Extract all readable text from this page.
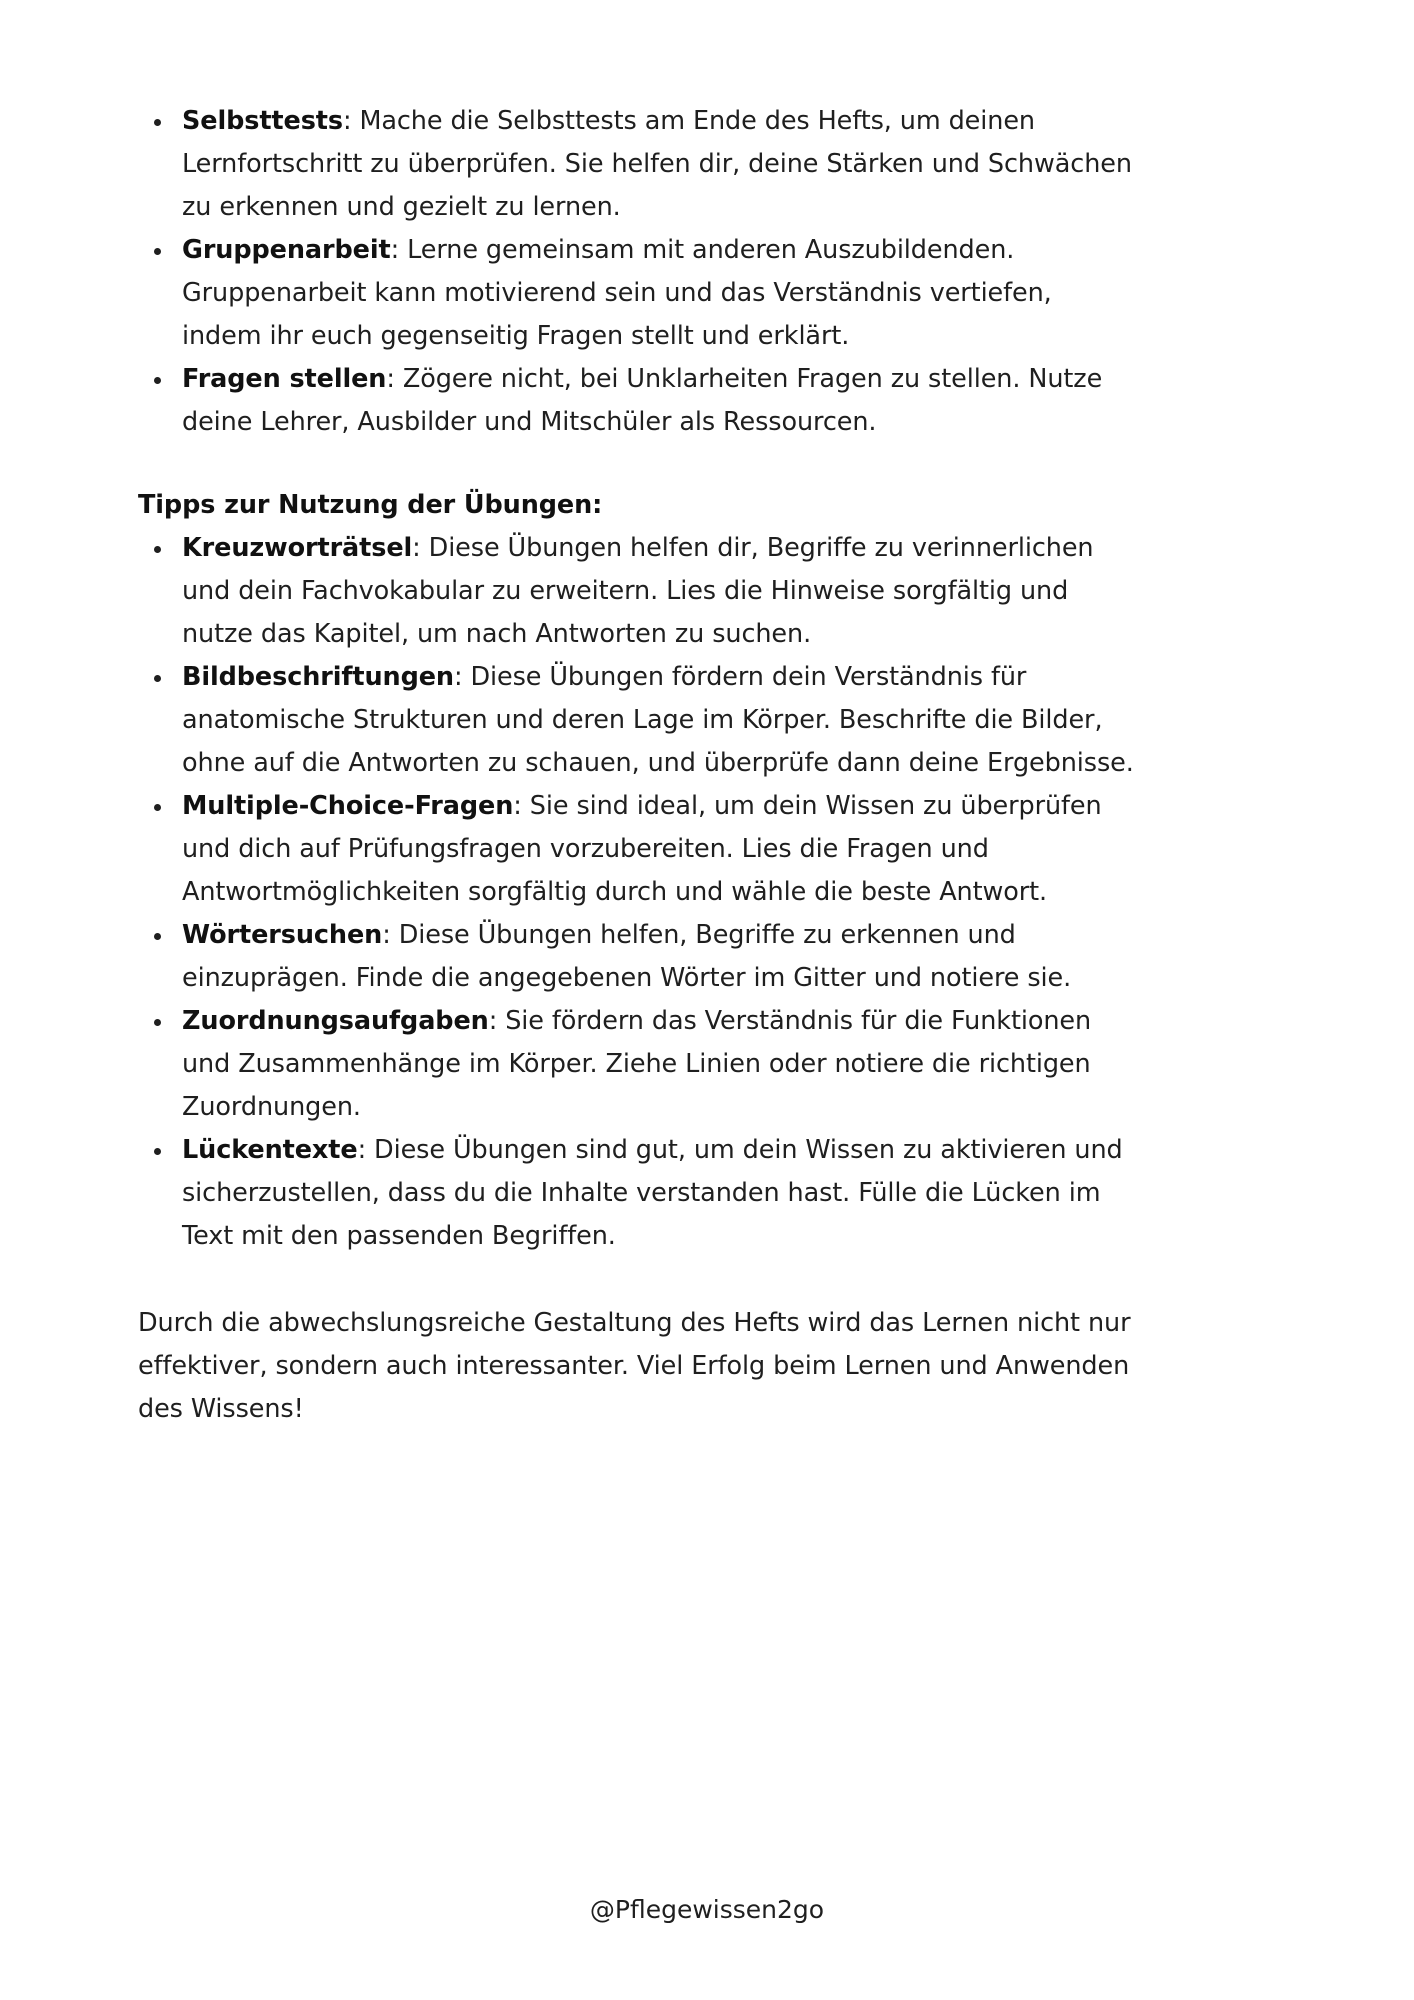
Selbsttests: Mache die Selbsttests am Ende des Hefts, um deinen Lernfortschritt zu überprüfen. Sie helfen dir, deine Stärken und Schwächen zu erkennen und gezielt zu lernen.
Gruppenarbeit: Lerne gemeinsam mit anderen Auszubildenden. Gruppenarbeit kann motivierend sein und das Verständnis vertiefen, indem ihr euch gegenseitig Fragen stellt und erklärt.
Fragen stellen: Zögere nicht, bei Unklarheiten Fragen zu stellen. Nutze deine Lehrer, Ausbilder und Mitschüler als Ressourcen.

Tipps zur Nutzung der Übungen:

Kreuzworträtsel: Diese Übungen helfen dir, Begriffe zu verinnerlichen und dein Fachvokabular zu erweitern. Lies die Hinweise sorgfältig und nutze das Kapitel, um nach Antworten zu suchen.
Bildbeschriftungen: Diese Übungen fördern dein Verständnis für anatomische Strukturen und deren Lage im Körper. Beschrifte die Bilder, ohne auf die Antworten zu schauen, und überprüfe dann deine Ergebnisse.
Multiple-Choice-Fragen: Sie sind ideal, um dein Wissen zu überprüfen und dich auf Prüfungsfragen vorzubereiten. Lies die Fragen und Antwortmöglichkeiten sorgfältig durch und wähle die beste Antwort.
Wörtersuchen: Diese Übungen helfen, Begriffe zu erkennen und einzuprägen. Finde die angegebenen Wörter im Gitter und notiere sie.
Zuordnungsaufgaben: Sie fördern das Verständnis für die Funktionen und Zusammenhänge im Körper. Ziehe Linien oder notiere die richtigen Zuordnungen.
Lückentexte: Diese Übungen sind gut, um dein Wissen zu aktivieren und sicherzustellen, dass du die Inhalte verstanden hast. Fülle die Lücken im Text mit den passenden Begriffen.

Durch die abwechslungsreiche Gestaltung des Hefts wird das Lernen nicht nur effektiver, sondern auch interessanter. Viel Erfolg beim Lernen und Anwenden des Wissens!

@Pflegewissen2go
